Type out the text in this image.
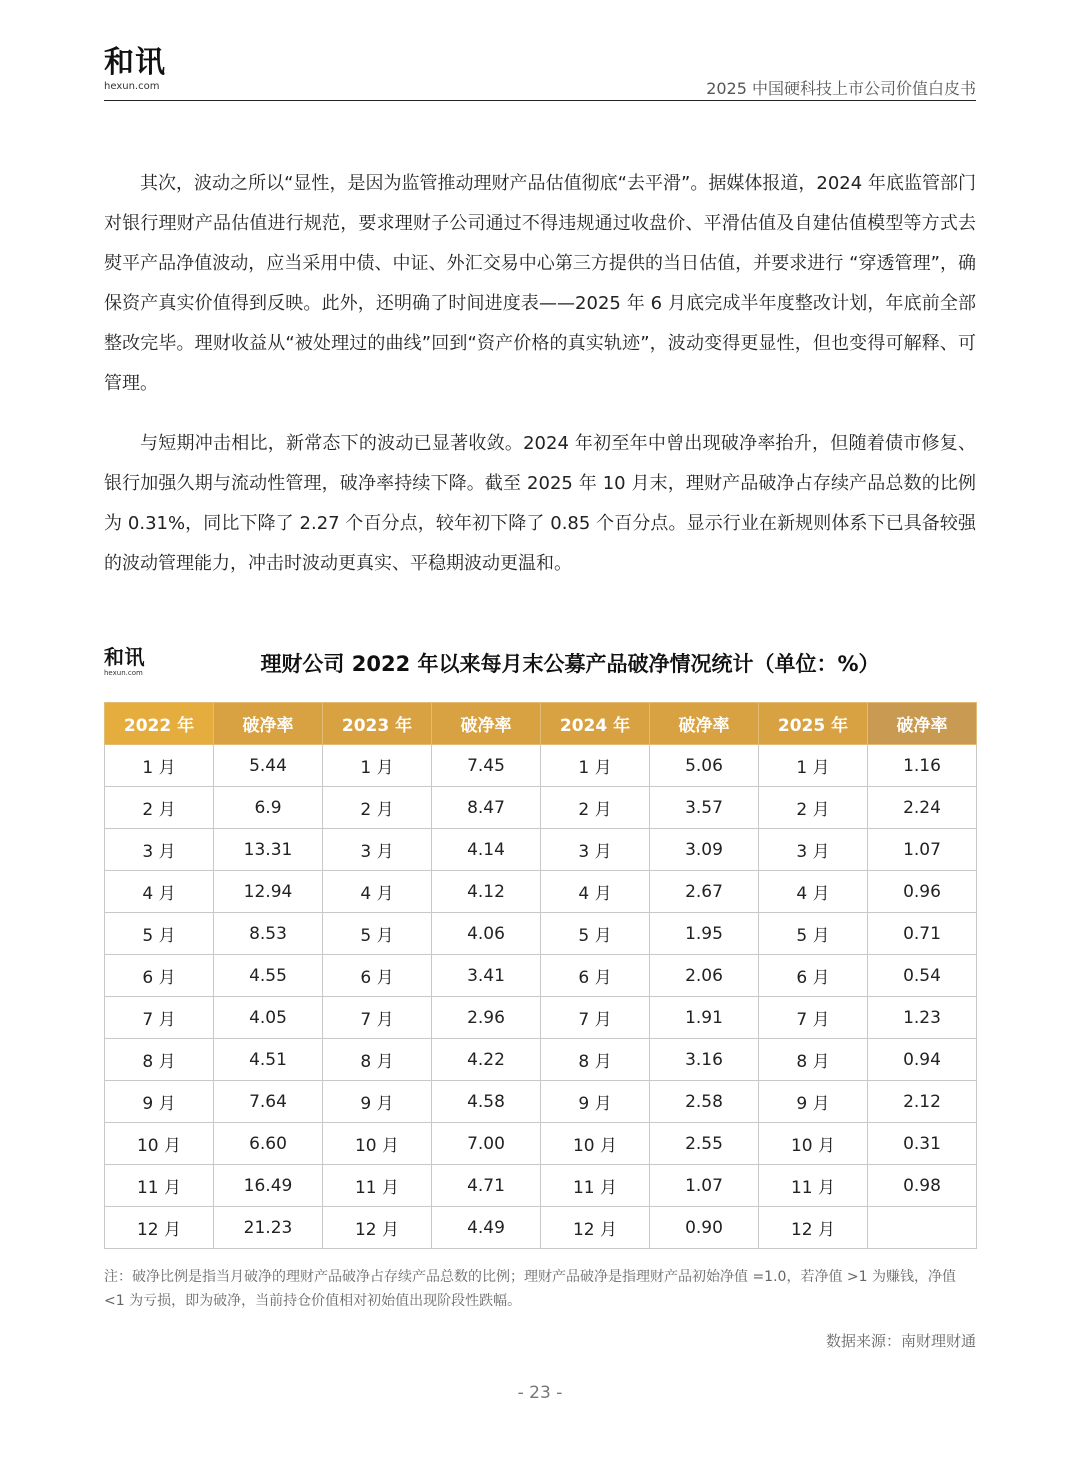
和讯
hexun.com	2025 中国硬科技上市公司价值白皮书

其次，波动之所以“显性，是因为监管推动理财产品估值彻底“去平滑”。据媒体报道，2024 年底监管部门对银行理财产品估值进行规范，要求理财子公司通过不得违规通过收盘价、平滑估值及自建估值模型等方式去熨平产品净值波动，应当采用中债、中证、外汇交易中心第三方提供的当日估值，并要求进行 “穿透管理”，确保资产真实价值得到反映。此外，还明确了时间进度表——2025 年 6 月底完成半年度整改计划，年底前全部整改完毕。理财收益从“被处理过的曲线”回到“资产价格的真实轨迹”，波动变得更显性，但也变得可解释、可管理。

与短期冲击相比，新常态下的波动已显著收敛。2024 年初至年中曾出现破净率抬升，但随着债市修复、银行加强久期与流动性管理，破净率持续下降。截至 2025 年 10 月末，理财产品破净占存续产品总数的比例为 0.31%，同比下降了 2.27 个百分点，较年初下降了 0.85 个百分点。显示行业在新规则体系下已具备较强的波动管理能力，冲击时波动更真实、平稳期波动更温和。

和讯
hexun.com	理财公司 2022 年以来每月末公募产品破净情况统计（单位：%）
2022 年	破净率	2023 年	破净率	2024 年	破净率	2025 年	破净率
1 月	5.44	1 月	7.45	1 月	5.06	1 月	1.16
2 月	6.9	2 月	8.47	2 月	3.57	2 月	2.24
3 月	13.31	3 月	4.14	3 月	3.09	3 月	1.07
4 月	12.94	4 月	4.12	4 月	2.67	4 月	0.96
5 月	8.53	5 月	4.06	5 月	1.95	5 月	0.71
6 月	4.55	6 月	3.41	6 月	2.06	6 月	0.54
7 月	4.05	7 月	2.96	7 月	1.91	7 月	1.23
8 月	4.51	8 月	4.22	8 月	3.16	8 月	0.94
9 月	7.64	9 月	4.58	9 月	2.58	9 月	2.12
10 月	6.60	10 月	7.00	10 月	2.55	10 月	0.31
11 月	16.49	11 月	4.71	11 月	1.07	11 月	0.98
12 月	21.23	12 月	4.49	12 月	0.90	12 月	
注：破净比例是指当月破净的理财产品破净占存续产品总数的比例；理财产品破净是指理财产品初始净值 =1.0，若净值 >1 为赚钱，净值 <1 为亏损，即为破净，当前持仓价值相对初始值出现阶段性跌幅。
数据来源：南财理财通
- 23 -
